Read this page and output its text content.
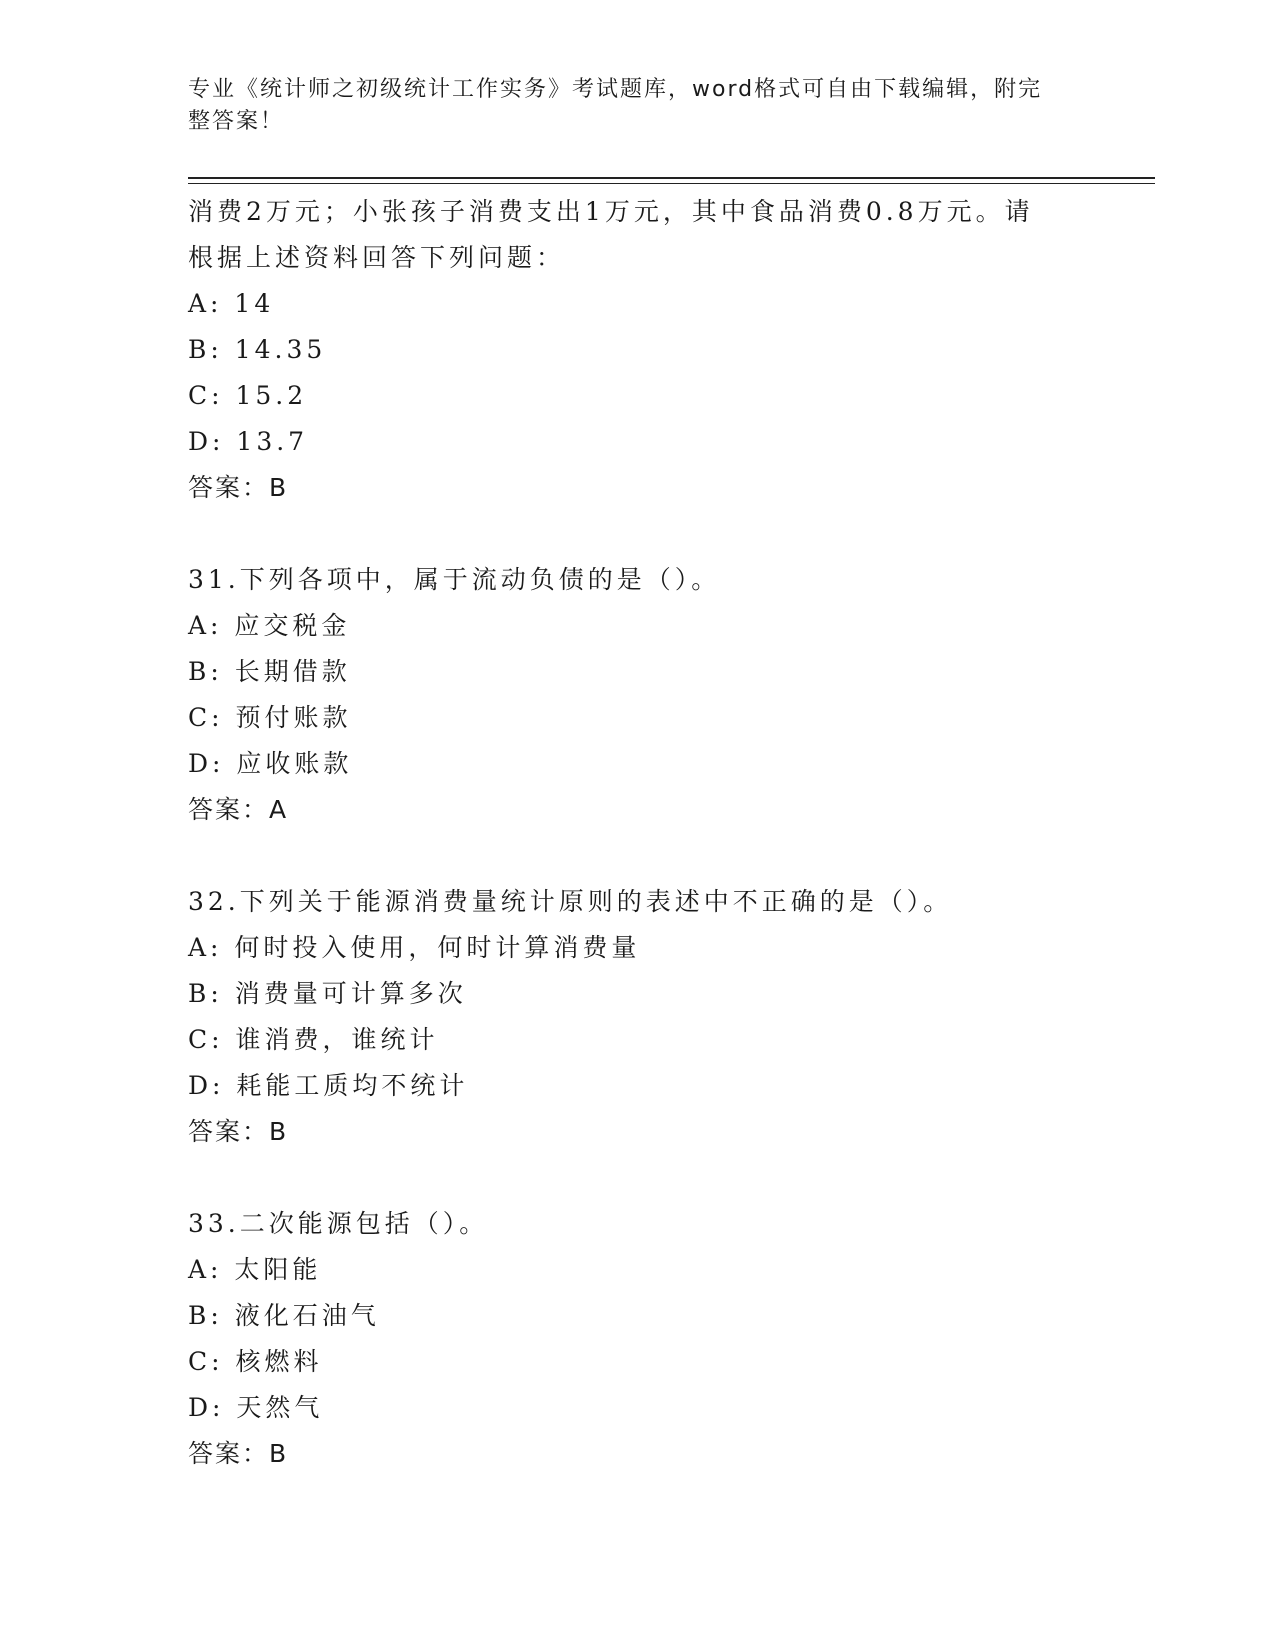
专业《统计师之初级统计工作实务》考试题库，word格式可自由下载编辑，附完
整答案！
消费2万元；小张孩子消费支出1万元，其中食品消费0.8万元。请
根据上述资料回答下列问题：
A: 14
B: 14.35
C: 15.2
D: 13.7
答案：B
31.下列各项中，属于流动负债的是（）。
A: 应交税金
B: 长期借款
C: 预付账款
D: 应收账款
答案：A
32.下列关于能源消费量统计原则的表述中不正确的是（）。
A: 何时投入使用，何时计算消费量
B: 消费量可计算多次
C: 谁消费，谁统计
D: 耗能工质均不统计
答案：B
33.二次能源包括（）。
A: 太阳能
B: 液化石油气
C: 核燃料
D: 天然气
答案：B
